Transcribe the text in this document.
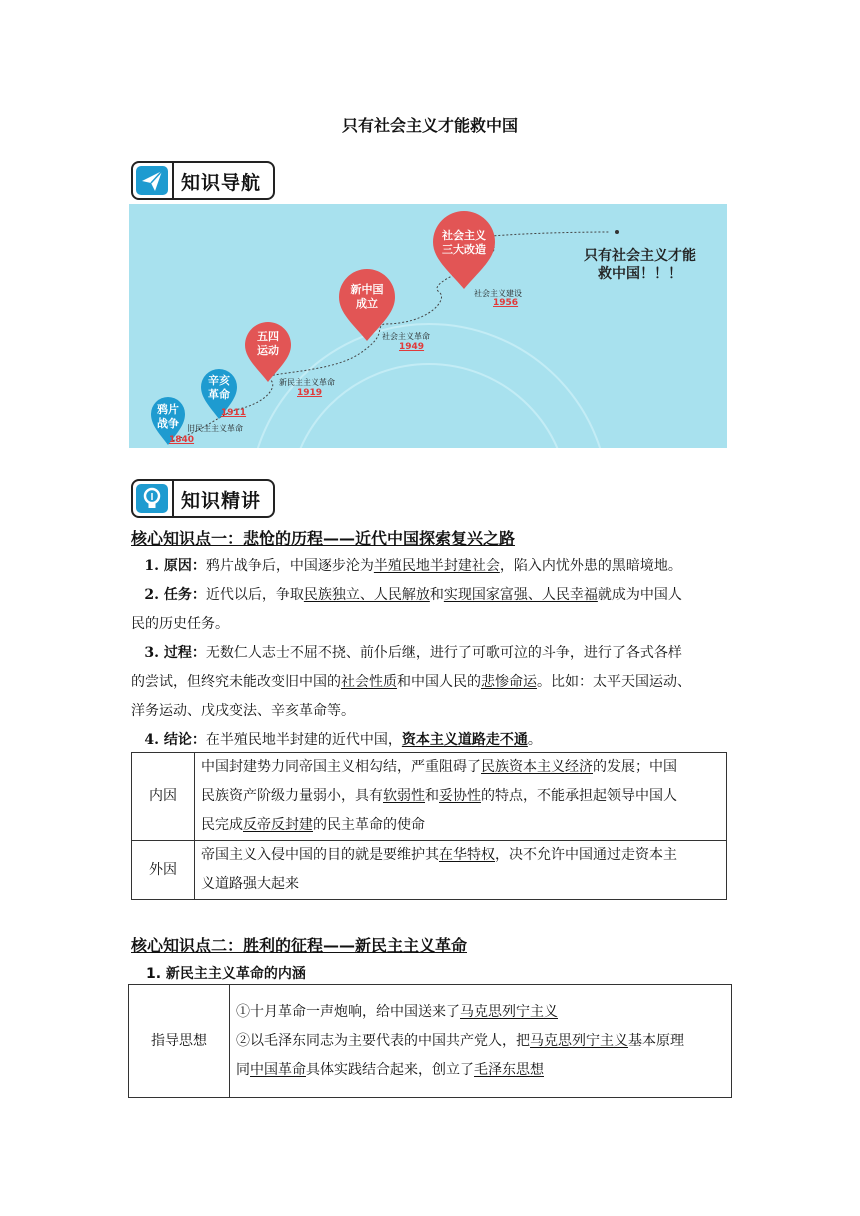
只有社会主义才能救中国
知识导航
鸦片
战争
辛亥
革命
五四
运动
新中国
成立
社会主义
三大改造
旧民主主义革命
1840
1911
新民主主义革命
1919
社会主义革命
1949
社会主义建设
1956
只有社会主义才能
救中国！！！
知识精讲
核心知识点一：悲怆的历程——近代中国探索复兴之路
1. 原因：鸦片战争后，中国逐步沦为半殖民地半封建社会，陷入内忧外患的黑暗境地。
2. 任务：近代以后，争取民族独立、人民解放和实现国家富强、人民幸福就成为中国人
民的历史任务。
3. 过程：无数仁人志士不屈不挠、前仆后继，进行了可歌可泣的斗争，进行了各式各样
的尝试，但终究未能改变旧中国的社会性质和中国人民的悲惨命运。比如：太平天国运动、
洋务运动、戊戌变法、辛亥革命等。
4. 结论：在半殖民地半封建的近代中国，资本主义道路走不通。
内因	中国封建势力同帝国主义相勾结，严重阻碍了民族资本主义经济的发展；中国
民族资产阶级力量弱小，具有软弱性和妥协性的特点，不能承担起领导中国人
民完成反帝反封建的民主革命的使命
外因	帝国主义入侵中国的目的就是要维护其在华特权，决不允许中国通过走资本主
义道路强大起来
核心知识点二：胜利的征程——新民主主义革命
1. 新民主主义革命的内涵
指导思想	①十月革命一声炮响，给中国送来了马克思列宁主义
②以毛泽东同志为主要代表的中国共产党人，把马克思列宁主义基本原理
同中国革命具体实践结合起来，创立了毛泽东思想
